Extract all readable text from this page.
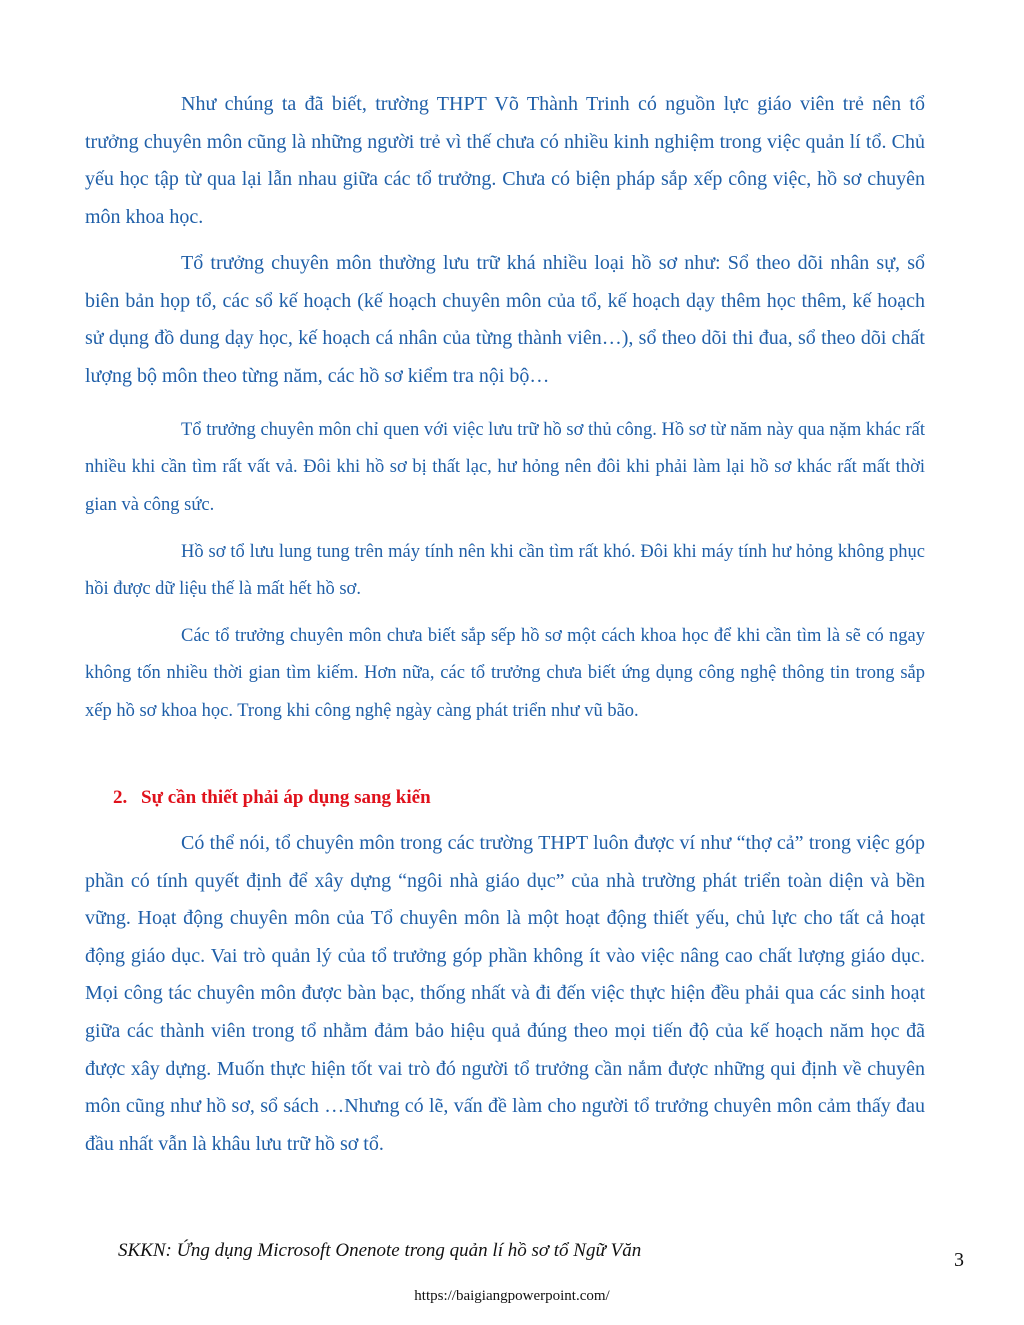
Như chúng ta đã biết, trường THPT Võ Thành Trinh có nguồn lực giáo viên trẻ nên tổ trưởng chuyên môn cũng là những người trẻ vì thế chưa có nhiều kinh nghiệm trong việc quản lí tổ. Chủ yếu học tập từ qua lại lẫn nhau giữa các tổ trưởng. Chưa có biện pháp sắp xếp công việc, hồ sơ chuyên môn khoa học.

Tổ trưởng chuyên môn thường lưu trữ khá nhiều loại hồ sơ như: Sổ theo dõi nhân sự, sổ biên bản họp tổ, các sổ kế hoạch (kế hoạch chuyên môn của tổ, kế hoạch dạy thêm học thêm, kế hoạch sử dụng đồ dung dạy học, kế hoạch cá nhân của từng thành viên…), sổ theo dõi thi đua, sổ theo dõi chất lượng bộ môn theo từng năm, các hồ sơ kiểm tra nội bộ…

Tổ trưởng chuyên môn chỉ quen với việc lưu trữ hồ sơ thủ công. Hồ sơ từ năm này qua nặm khác rất nhiều khi cần tìm rất vất vả. Đôi khi hồ sơ bị thất lạc, hư hỏng nên đôi khi phải làm lại hồ sơ khác rất mất thời gian và công sức.

Hồ sơ tổ lưu lung tung trên máy tính nên khi cần tìm rất khó. Đôi khi máy tính hư hỏng không phục hồi được dữ liệu thế là mất hết hồ sơ.

Các tổ trưởng chuyên môn chưa biết sắp sếp hồ sơ một cách khoa học để khi cần tìm là sẽ có ngay không tốn nhiều thời gian tìm kiếm. Hơn nữa, các tổ trưởng chưa biết ứng dụng công nghệ thông tin trong sắp xếp hồ sơ khoa học. Trong khi công nghệ ngày càng phát triển như vũ bão.

2. Sự cần thiết phải áp dụng sang kiến

Có thể nói, tổ chuyên môn trong các trường THPT luôn được ví như “thợ cả” trong việc góp phần có tính quyết định để xây dựng “ngôi nhà giáo dục” của nhà trường phát triển toàn diện và bền vững. Hoạt động chuyên môn của Tổ chuyên môn là một hoạt động thiết yếu, chủ lực cho tất cả hoạt động giáo dục. Vai trò quản lý của tổ trưởng góp phần không ít vào việc nâng cao chất lượng giáo dục. Mọi công tác chuyên môn được bàn bạc, thống nhất và đi đến việc thực hiện đều phải qua các sinh hoạt giữa các thành viên trong tổ nhằm đảm bảo hiệu quả đúng theo mọi tiến độ của kế hoạch năm học đã được xây dựng. Muốn thực hiện tốt vai trò đó người tổ trưởng cần nắm được những qui định về chuyên môn cũng như hồ sơ, sổ sách …Nhưng có lẽ, vấn đề làm cho người tổ trưởng chuyên môn cảm thấy đau đầu nhất vẫn là khâu lưu trữ hồ sơ tổ.

SKKN: Ứng dụng Microsoft Onenote trong quản lí hồ sơ tổ Ngữ Văn	3
https://baigiangpowerpoint.com/
